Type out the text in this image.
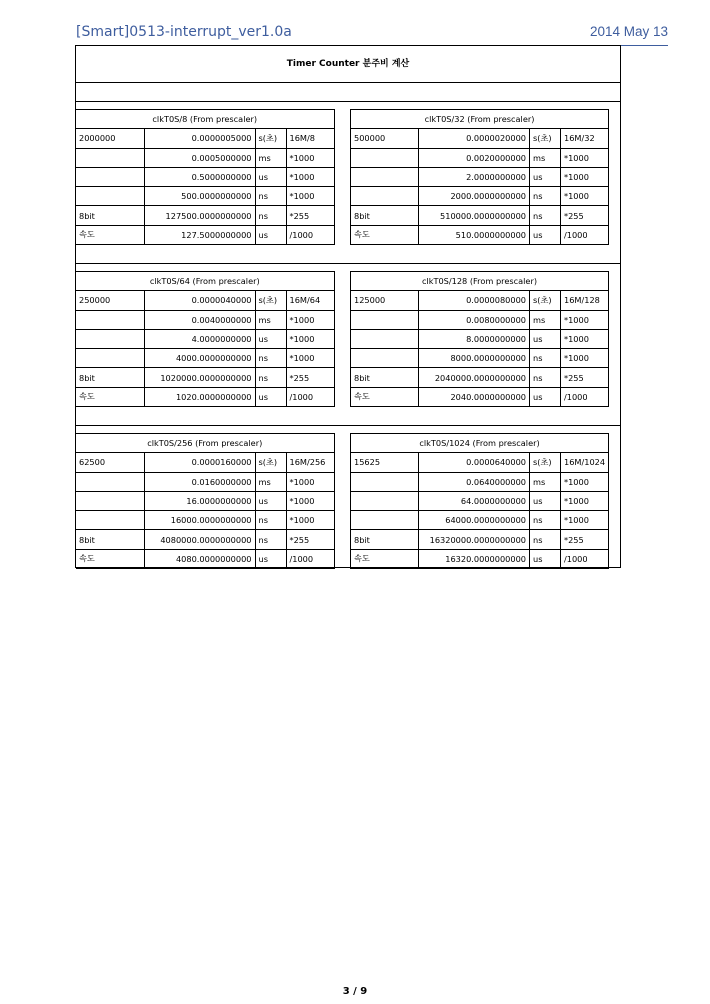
[Smart]0513-interrupt_ver1.0a	2014 May 13
Timer Counter 분주비 계산
clkT0S/8 (From prescaler)			
2000000	0.0000005000	s(초)	16M/8
	0.0005000000	ms	*1000
	0.5000000000	us	*1000
	500.0000000000	ns	*1000
8bit	127500.0000000000	ns	*255
속도	127.5000000000	us	/1000
clkT0S/32 (From prescaler)			
500000	0.0000020000	s(초)	16M/32
	0.0020000000	ms	*1000
	2.0000000000	us	*1000
	2000.0000000000	ns	*1000
8bit	510000.0000000000	ns	*255
속도	510.0000000000	us	/1000
clkT0S/64 (From prescaler)			
250000	0.0000040000	s(초)	16M/64
	0.0040000000	ms	*1000
	4.0000000000	us	*1000
	4000.0000000000	ns	*1000
8bit	1020000.0000000000	ns	*255
속도	1020.0000000000	us	/1000
clkT0S/128 (From prescaler)			
125000	0.0000080000	s(초)	16M/128
	0.0080000000	ms	*1000
	8.0000000000	us	*1000
	8000.0000000000	ns	*1000
8bit	2040000.0000000000	ns	*255
속도	2040.0000000000	us	/1000
clkT0S/256 (From prescaler)			
62500	0.0000160000	s(초)	16M/256
	0.0160000000	ms	*1000
	16.0000000000	us	*1000
	16000.0000000000	ns	*1000
8bit	4080000.0000000000	ns	*255
속도	4080.0000000000	us	/1000
clkT0S/1024 (From prescaler)			
15625	0.0000640000	s(초)	16M/1024
	0.0640000000	ms	*1000
	64.0000000000	us	*1000
	64000.0000000000	ns	*1000
8bit	16320000.0000000000	ns	*255
속도	16320.0000000000	us	/1000
3 / 9
